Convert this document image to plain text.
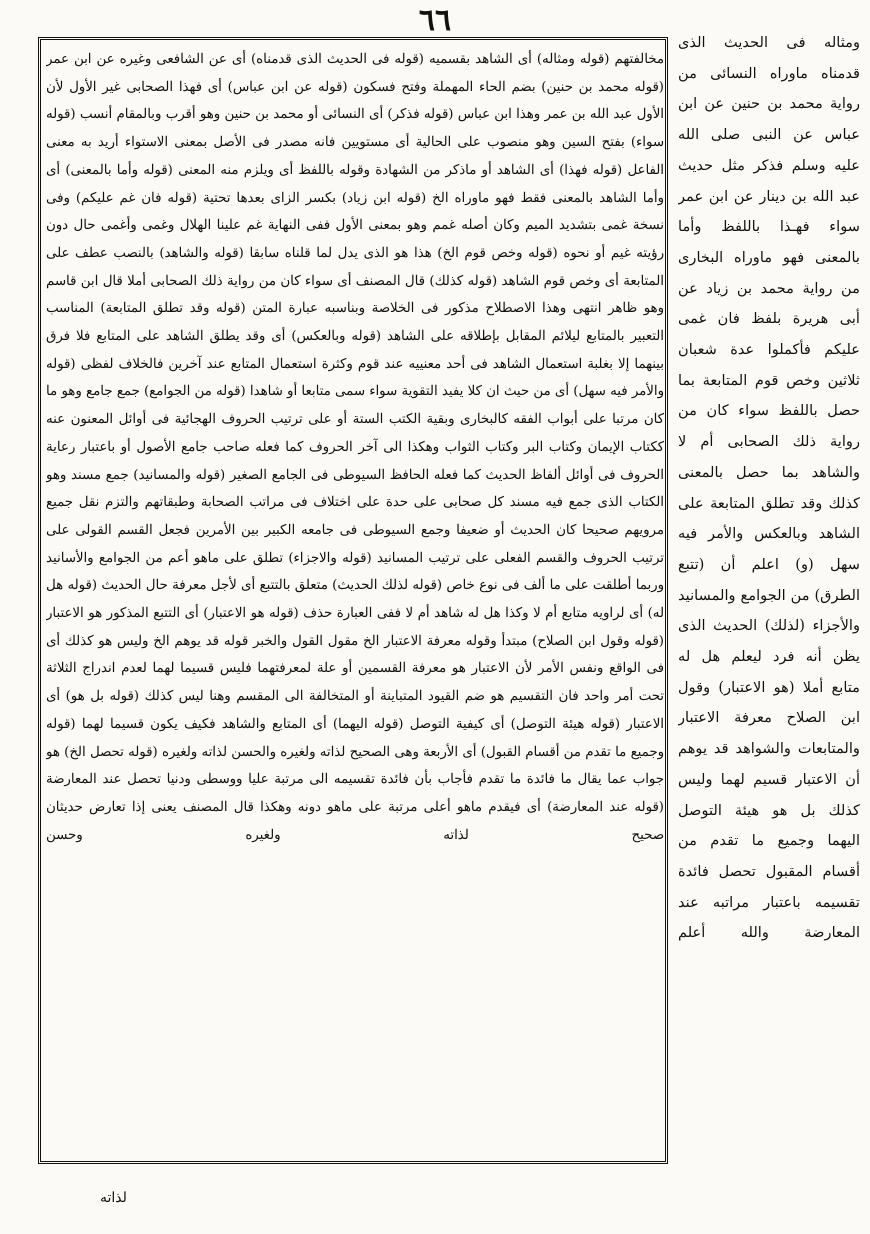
٦٦

مخالفتهم (قوله ومثاله) أى الشاهد بقسميه (قوله فى الحديث الذى قدمناه) أى عن الشافعى وغيره عن ابن عمر (قوله محمد بن حنين) بضم الحاء المهملة وفتح فسكون (قوله عن ابن عباس) أى فهذا الصحابى غير الأول لأن الأول عبد الله بن عمر وهذا ابن عباس (قوله فذكر) أى النسائى أو محمد بن حنين وهو أقرب وبالمقام أنسب (قوله سواء) بفتح السين وهو منصوب على الحالية أى مستويين فانه مصدر فى الأصل بمعنى الاستواء أريد به معنى الفاعل (قوله فهذا) أى الشاهد أو ماذكر من الشهادة وقوله باللفظ أى ويلزم منه المعنى (قوله وأما بالمعنى) أى وأما الشاهد بالمعنى فقط فهو ماوراه الخ (قوله ابن زياد) بكسر الزاى بعدها تحتية (قوله فان غم عليكم) وفى نسخة غمى بتشديد الميم وكان أصله غمم وهو بمعنى الأول ففى النهاية غم علينا الهلال وغمى وأغمى حال دون رؤيته غيم أو نحوه (قوله وخص قوم الخ) هذا هو الذى يدل لما قلناه سابقا (قوله والشاهد) بالنصب عطف على المتابعة أى وخص قوم الشاهد (قوله كذلك) قال المصنف أى سواء كان من رواية ذلك الصحابى أملا قال ابن قاسم وهو ظاهر انتهى وهذا الاصطلاح مذكور فى الخلاصة وبناسبه عبارة المتن (قوله وقد تطلق المتابعة) المناسب التعبير بالمتابع ليلائم المقابل بإطلاقه على الشاهد (قوله وبالعكس) أى وقد يطلق الشاهد على المتابع فلا فرق بينهما إلا بغلبة استعمال الشاهد فى أحد معنييه عند قوم وكثرة استعمال المتابع عند آخرين فالخلاف لفظى (قوله والأمر فيه سهل) أى من حيث ان كلا يفيد التقوية سواء سمى متابعا أو شاهدا (قوله من الجوامع) جمع جامع وهو ما كان مرتبا على أبواب الفقه كالبخارى وبقية الكتب الستة أو على ترتيب الحروف الهجائية فى أوائل المعنون عنه ككتاب الإيمان وكتاب البر وكتاب الثواب وهكذا الى آخر الحروف كما فعله صاحب جامع الأصول أو باعتبار رعاية الحروف فى أوائل ألفاظ الحديث كما فعله الحافظ السيوطى فى الجامع الصغير (قوله والمسانيد) جمع مسند وهو الكتاب الذى جمع فيه مسند كل صحابى على حدة على اختلاف فى مراتب الصحابة وطبقاتهم والتزم نقل جميع مرويهم صحيحا كان الحديث أو ضعيفا وجمع السيوطى فى جامعه الكبير بين الأمرين فجعل القسم القولى على ترتيب الحروف والقسم الفعلى على ترتيب المسانيد (قوله والاجزاء) تطلق على ماهو أعم من الجوامع والأسانيد وربما أطلقت على ما ألف فى نوع خاص (قوله لذلك الحديث) متعلق بالتتبع أى لأجل معرفة حال الحديث (قوله هل له) أى لراويه متابع أم لا وكذا هل له شاهد أم لا ففى العبارة حذف (قوله هو الاعتبار) أى التتبع المذكور هو الاعتبار (قوله وقول ابن الصلاح) مبتدأ وقوله معرفة الاعتبار الخ مقول القول والخبر قوله قد يوهم الخ وليس هو كذلك أى فى الواقع ونفس الأمر لأن الاعتبار هو معرفة القسمين أو علة لمعرفتهما فليس قسيما لهما لعدم اندراج الثلاثة تحت أمر واحد فان التقسيم هو ضم القيود المتباينة أو المتخالفة الى المقسم وهنا ليس كذلك (قوله بل هو) أى الاعتبار (قوله هيئة التوصل) أى كيفية التوصل (قوله اليهما) أى المتابع والشاهد فكيف يكون قسيما لهما (قوله وجميع ما تقدم من أقسام القبول) أى الأربعة وهى الصحيح لذاته ولغيره والحسن لذاته ولغيره (قوله تحصل الخ) هو جواب عما يقال ما فائدة ما تقدم فأجاب بأن فائدة تقسيمه الى مرتبة عليا ووسطى ودنيا تحصل عند المعارضة (قوله عند المعارضة) أى فيقدم ماهو أعلى مرتبة على ماهو دونه وهكذا قال المصنف يعنى إذا تعارض حديثان صحيح لذاته ولغيره وحسن

ومثاله فى الحديث الذى قدمناه ماوراه النسائى من رواية محمد بن حنين عن ابن عباس عن النبى صلى الله عليه وسلم فذكر مثل حديث عبد الله بن دينار عن ابن عمر سواء فهـذا باللفظ وأما بالمعنى فهو ماوراه البخارى من رواية محمد بن زياد عن أبى هريرة بلفظ فان غمى عليكم فأكملوا عدة شعبان ثلاثين وخص قوم المتابعة بما حصل باللفظ سواء كان من رواية ذلك الصحابى أم لا والشاهد بما حصل بالمعنى كذلك وقد تطلق المتابعة على الشاهد وبالعكس والأمر فيه سهل (و) اعلم أن (تتبع الطرق) من الجوامع والمسانيد والأجزاء (لذلك) الحديث الذى يظن أنه فرد ليعلم هل له متابع أملا (هو الاعتبار) وقول ابن الصلاح معرفة الاعتبار والمتابعات والشواهد قد يوهم أن الاعتبار قسيم لهما وليس كذلك بل هو هيئة التوصل اليهما وجميع ما تقدم من أقسام المقبول تحصل فائدة تقسيمه باعتبار مراتبه عند المعارضة والله أعلم

لذاته
